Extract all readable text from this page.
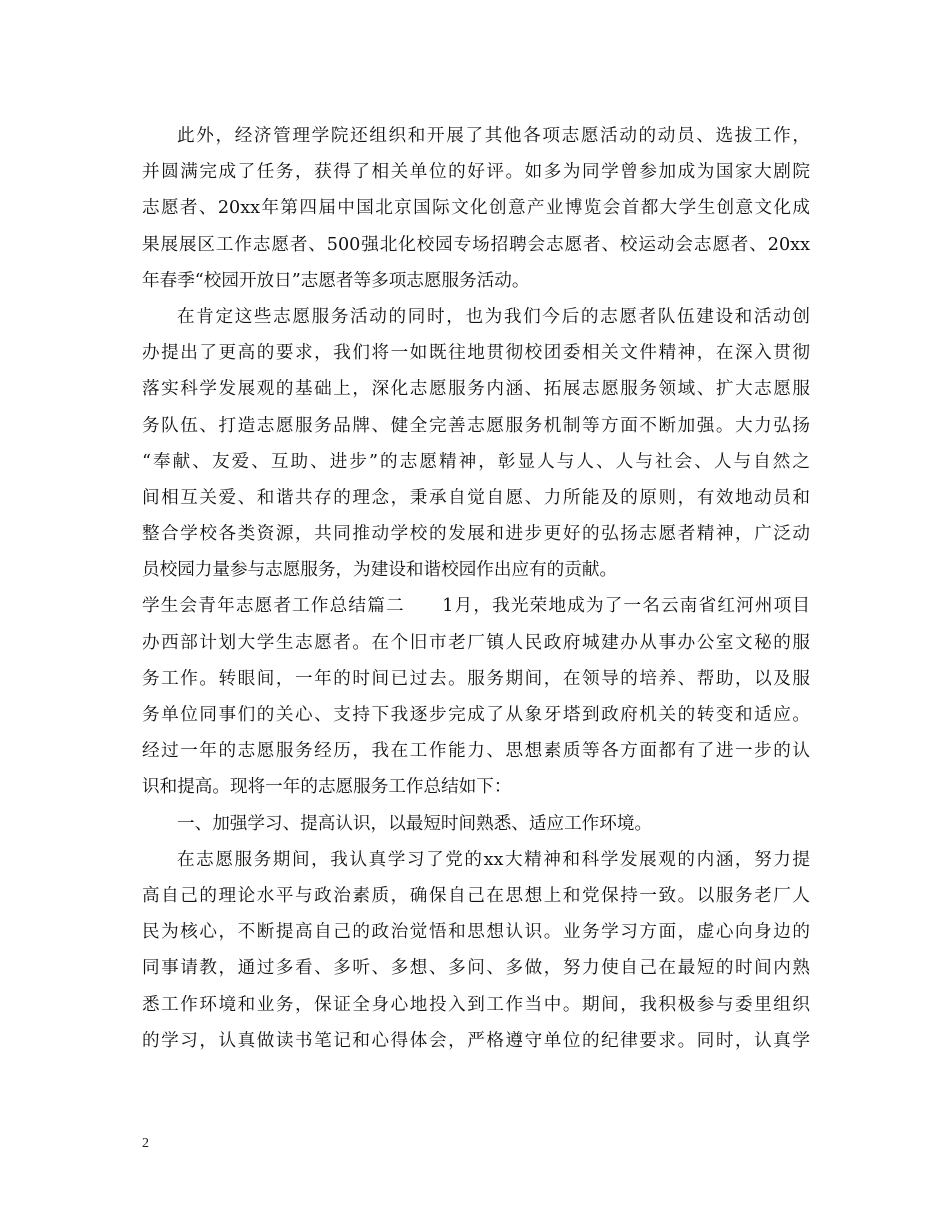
此外，经济管理学院还组织和开展了其他各项志愿活动的动员、选拔工作，
并圆满完成了任务，获得了相关单位的好评。如多为同学曾参加成为国家大剧院
志愿者、20xx年第四届中国北京国际文化创意产业博览会首都大学生创意文化成
果展展区工作志愿者、500强北化校园专场招聘会志愿者、校运动会志愿者、20xx
年春季“校园开放日”志愿者等多项志愿服务活动。
在肯定这些志愿服务活动的同时，也为我们今后的志愿者队伍建设和活动创
办提出了更高的要求，我们将一如既往地贯彻校团委相关文件精神，在深入贯彻
落实科学发展观的基础上，深化志愿服务内涵、拓展志愿服务领域、扩大志愿服
务队伍、打造志愿服务品牌、健全完善志愿服务机制等方面不断加强。大力弘扬
“奉献、友爱、互助、进步”的志愿精神，彰显人与人、人与社会、人与自然之
间相互关爱、和谐共存的理念，秉承自觉自愿、力所能及的原则，有效地动员和
整合学校各类资源，共同推动学校的发展和进步更好的弘扬志愿者精神，广泛动
员校园力量参与志愿服务，为建设和谐校园作出应有的贡献。
学生会青年志愿者工作总结篇二　　1月，我光荣地成为了一名云南省红河州项目
办西部计划大学生志愿者。在个旧市老厂镇人民政府城建办从事办公室文秘的服
务工作。转眼间，一年的时间已过去。服务期间，在领导的培养、帮助，以及服
务单位同事们的关心、支持下我逐步完成了从象牙塔到政府机关的转变和适应。
经过一年的志愿服务经历，我在工作能力、思想素质等各方面都有了进一步的认
识和提高。现将一年的志愿服务工作总结如下：
一、加强学习、提高认识，以最短时间熟悉、适应工作环境。
在志愿服务期间，我认真学习了党的xx大精神和科学发展观的内涵，努力提
高自己的理论水平与政治素质，确保自己在思想上和党保持一致。以服务老厂人
民为核心，不断提高自己的政治觉悟和思想认识。业务学习方面，虚心向身边的
同事请教，通过多看、多听、多想、多问、多做，努力使自己在最短的时间内熟
悉工作环境和业务，保证全身心地投入到工作当中。期间，我积极参与委里组织
的学习，认真做读书笔记和心得体会，严格遵守单位的纪律要求。同时，认真学
2
